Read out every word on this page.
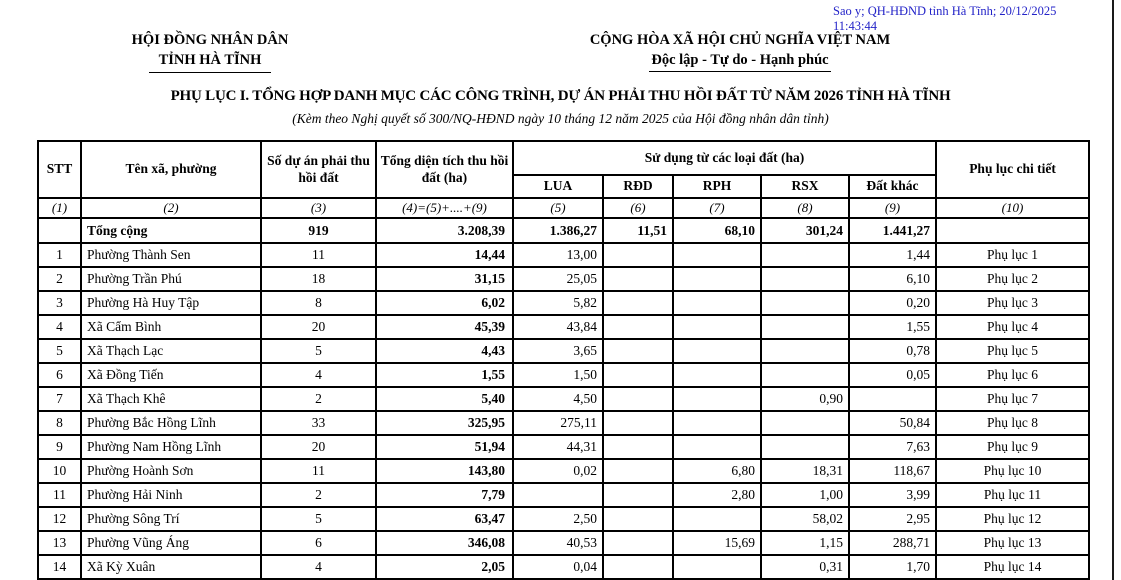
Sao y; QH-HĐND tỉnh Hà Tĩnh; 20/12/2025
11:43:44
HỘI ĐỒNG NHÂN DÂN
TỈNH HÀ TĨNH
CỘNG HÒA XÃ HỘI CHỦ NGHĨA VIỆT NAM
Độc lập - Tự do - Hạnh phúc
PHỤ LỤC I. TỔNG HỢP DANH MỤC CÁC CÔNG TRÌNH, DỰ ÁN PHẢI THU HỒI ĐẤT TỪ NĂM 2026 TỈNH HÀ TĨNH
(Kèm theo Nghị quyết số 300/NQ-HĐND ngày 10 tháng 12 năm 2025 của Hội đồng nhân dân tỉnh)
STT	Tên xã, phường	Số dự án phải thu hồi đất	Tổng diện tích thu hồi đất (ha)	Sử dụng từ các loại đất (ha)					Phụ lục chi tiết
				LUA	RĐD	RPH	RSX	Đất khác	
(1)	(2)	(3)	(4)=(5)+....+(9)	(5)	(6)	(7)	(8)	(9)	(10)
	Tổng cộng	919	3.208,39	1.386,27	11,51	68,10	301,24	1.441,27	
1	Phường Thành Sen	11	14,44	13,00				1,44	Phụ lục 1
2	Phường Trần Phú	18	31,15	25,05				6,10	Phụ lục 2
3	Phường Hà Huy Tập	8	6,02	5,82				0,20	Phụ lục 3
4	Xã Cẩm Bình	20	45,39	43,84				1,55	Phụ lục 4
5	Xã Thạch Lạc	5	4,43	3,65				0,78	Phụ lục 5
6	Xã Đồng Tiến	4	1,55	1,50				0,05	Phụ lục 6
7	Xã Thạch Khê	2	5,40	4,50			0,90		Phụ lục 7
8	Phường Bắc Hồng Lĩnh	33	325,95	275,11				50,84	Phụ lục 8
9	Phường Nam Hồng Lĩnh	20	51,94	44,31				7,63	Phụ lục 9
10	Phường Hoành Sơn	11	143,80	0,02		6,80	18,31	118,67	Phụ lục 10
11	Phường Hải Ninh	2	7,79			2,80	1,00	3,99	Phụ lục 11
12	Phường Sông Trí	5	63,47	2,50			58,02	2,95	Phụ lục 12
13	Phường Vũng Áng	6	346,08	40,53		15,69	1,15	288,71	Phụ lục 13
14	Xã Kỳ Xuân	4	2,05	0,04			0,31	1,70	Phụ lục 14
